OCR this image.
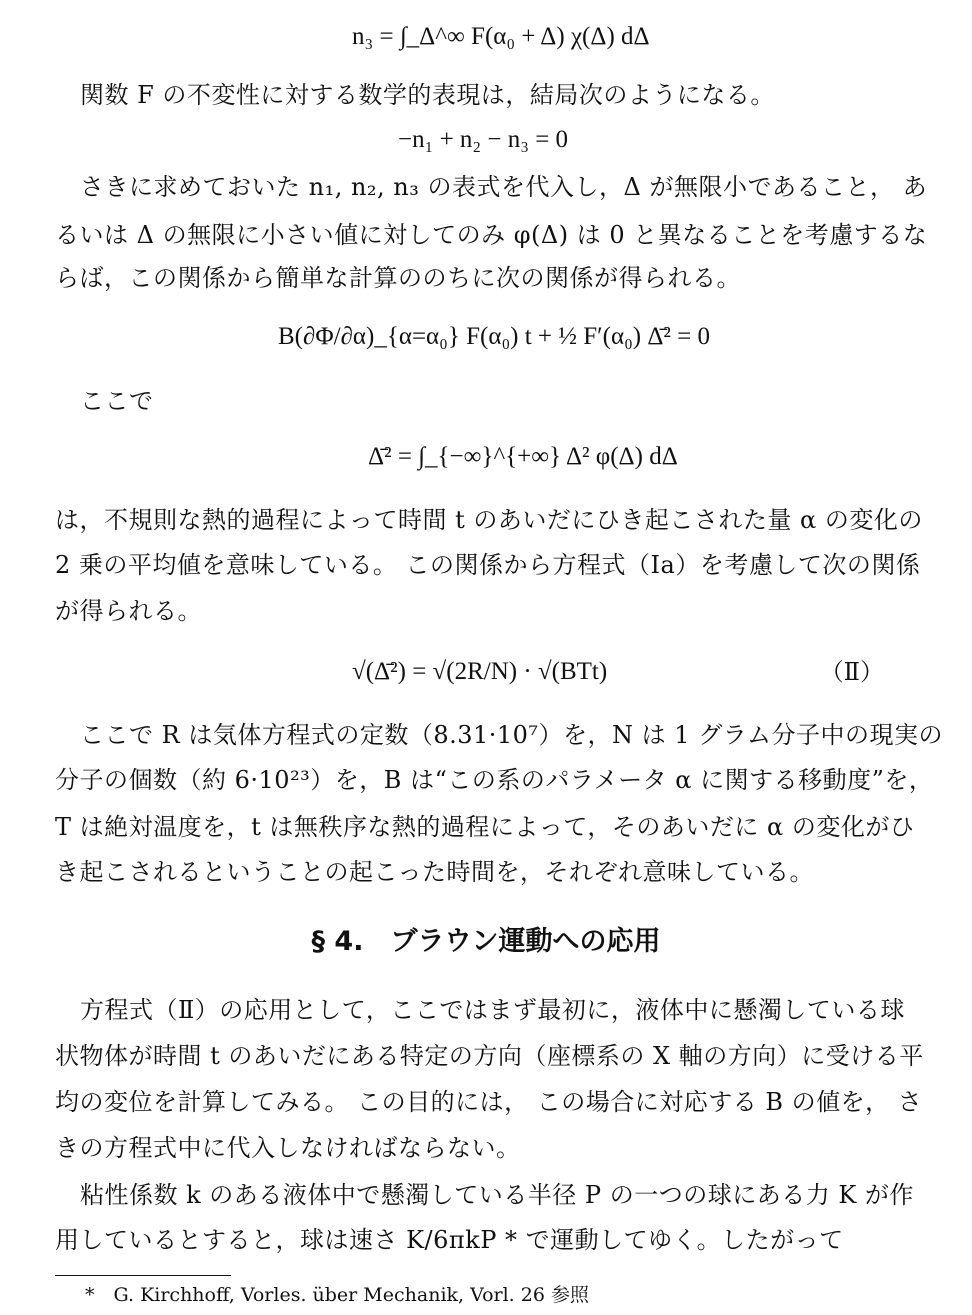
n₃ = ∫_Δ^∞ F(α₀ + Δ) χ(Δ) dΔ
関数 F の不変性に対する数学的表現は，結局次のようになる。
−n₁ + n₂ − n₃ = 0
さきに求めておいた n₁, n₂, n₃ の表式を代入し，Δ が無限小であること， あ
るいは Δ の無限に小さい値に対してのみ φ(Δ) は 0 と異なることを考慮するな
らば，この関係から簡単な計算ののちに次の関係が得られる。
B(∂Φ/∂α)_{α=α₀} F(α₀) t + ½ F′(α₀) Δ̄² = 0
ここで
Δ̄² = ∫_{−∞}^{+∞} Δ² φ(Δ) dΔ
は，不規則な熱的過程によって時間 t のあいだにひき起こされた量 α の変化の
2 乗の平均値を意味している。 この関係から方程式（Ia）を考慮して次の関係
が得られる。
√(Δ̄²) = √(2R/N) · √(BTt)	（Ⅱ）
ここで R は気体方程式の定数（8.31·10⁷）を，N は 1 グラム分子中の現実の
分子の個数（約 6·10²³）を，B は“この系のパラメータ α に関する移動度”を，
T は絶対温度を，t は無秩序な熱的過程によって，そのあいだに α の変化がひ
き起こされるということの起こった時間を，それぞれ意味している。
§ 4.　ブラウン運動への応用
方程式（Ⅱ）の応用として，ここではまず最初に，液体中に懸濁している球
状物体が時間 t のあいだにある特定の方向（座標系の X 軸の方向）に受ける平
均の変位を計算してみる。 この目的には， この場合に対応する B の値を， さ
きの方程式中に代入しなければならない。
粘性係数 k のある液体中で懸濁している半径 P の一つの球にある力 K が作
用しているとすると，球は速さ K/6πkP * で運動してゆく。したがって
*　G. Kirchhoff, Vorles. über Mechanik, Vorl. 26 参照
